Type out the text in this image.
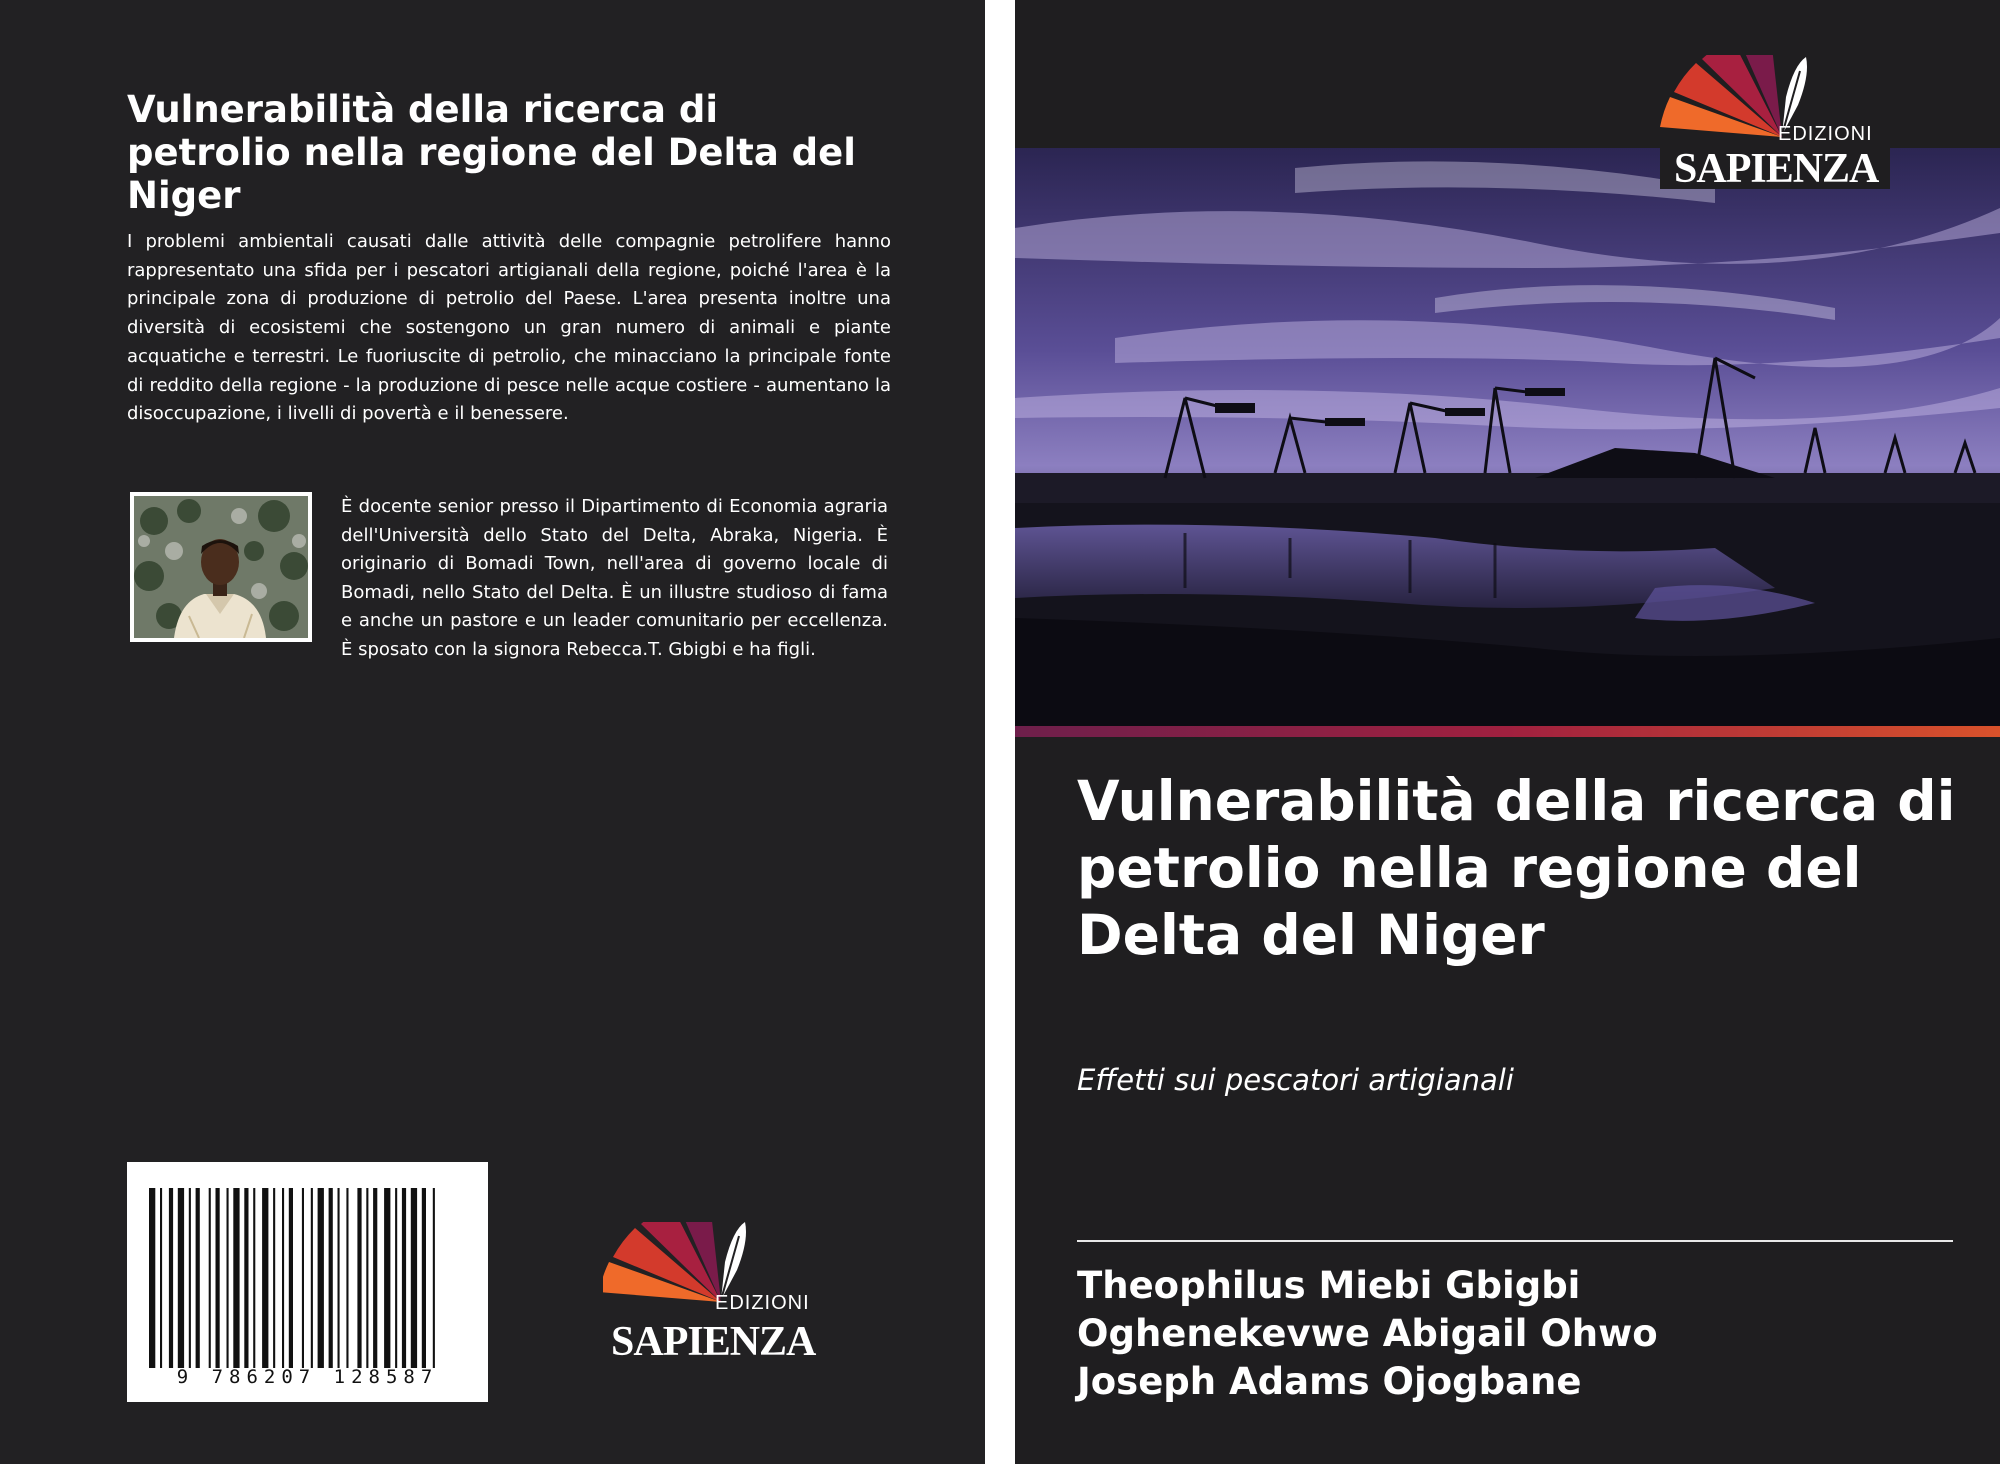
Vulnerabilità della ricerca di petrolio nella regione del Delta del Niger

I problemi ambientali causati dalle attività delle compagnie petrolifere hanno rappresentato una sfida per i pescatori artigianali della regione, poiché l'area è la principale zona di produzione di petrolio del Paese. L'area presenta inoltre una diversità di ecosistemi che sostengono un gran numero di animali e piante acquatiche e terrestri. Le fuoriuscite di petrolio, che minacciano la principale fonte di reddito della regione - la produzione di pesce nelle acque costiere - aumentano la disoccupazione, i livelli di povertà e il benessere.

È docente senior presso il Dipartimento di Economia agraria dell'Università dello Stato del Delta, Abraka, Nigeria. È originario di Bomadi Town, nell'area di governo locale di Bomadi, nello Stato del Delta. È un illustre studioso di fama e anche un pastore e un leader comunitario per eccellenza. È sposato con la signora Rebecca.T. Gbigbi e ha figli.

9 786207 128587
EDIZIONI
SAPIENZA
EDIZIONI
SAPIENZA
Vulnerabilità della ricerca di petrolio nella regione del Delta del Niger

Effetti sui pescatori artigianali

Theophilus Miebi Gbigbi
Oghenekevwe Abigail Ohwo
Joseph Adams Ojogbane
